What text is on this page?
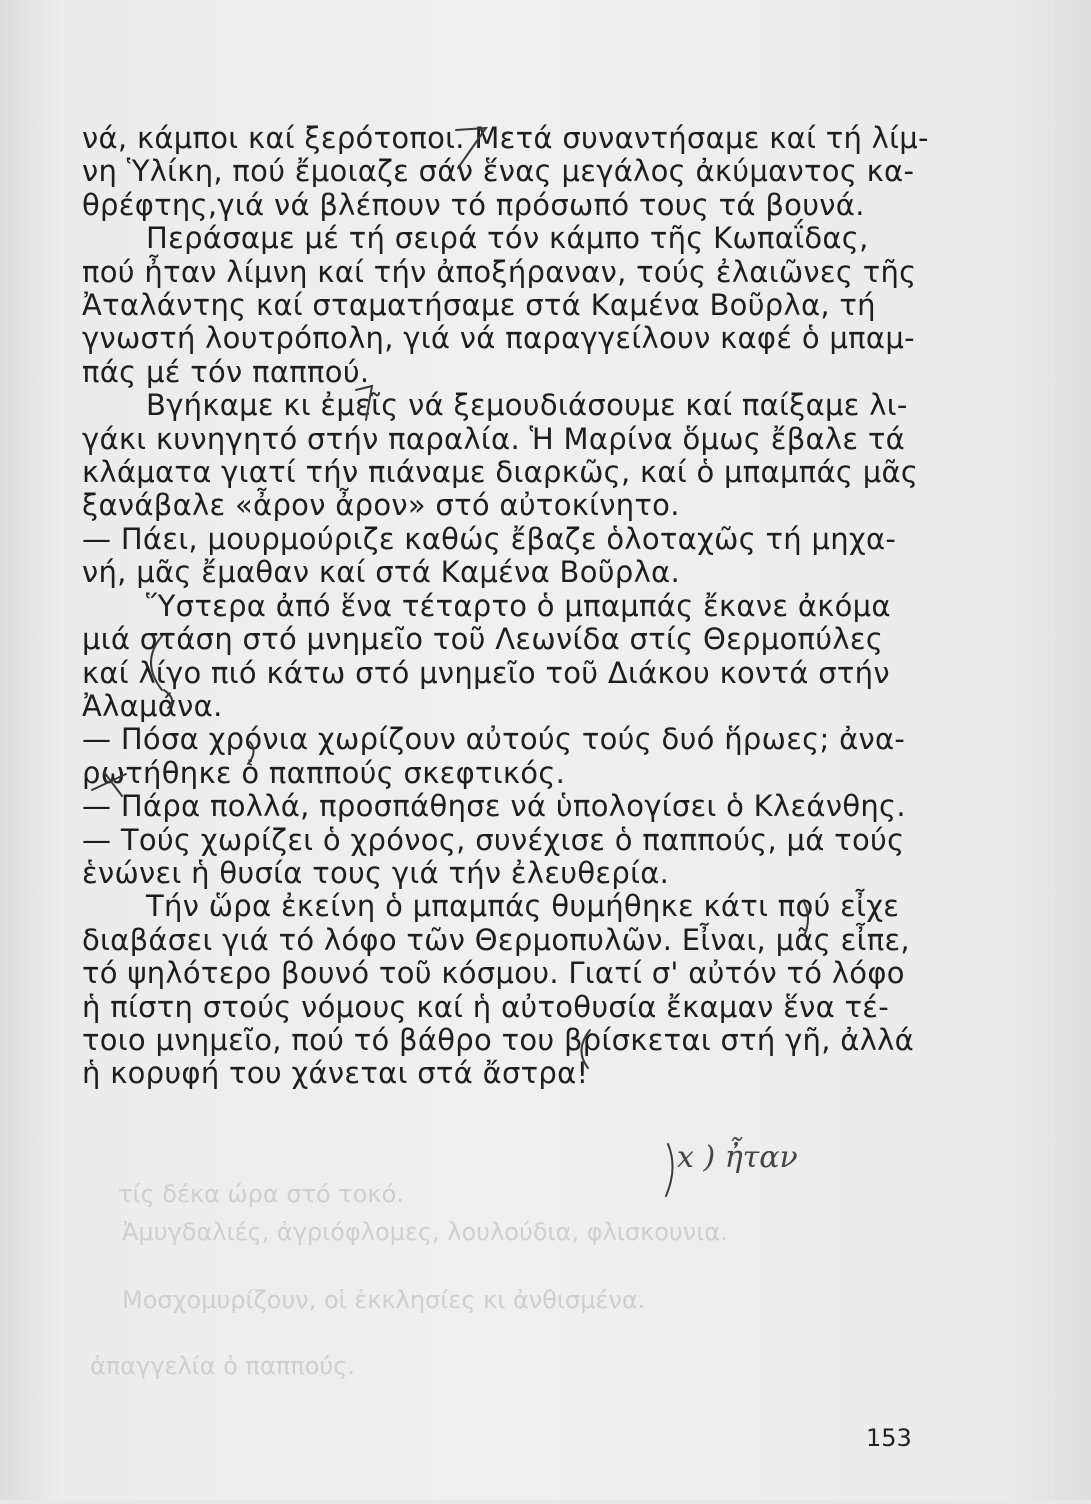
νά, κάμποι καί ξερότοποι. Μετά συναντήσαμε καί τή λίμ-
νη Ὑλίκη, πού ἔμοιαζε σάν ἕνας μεγάλος ἀκύμαντος κα-
θρέφτης,γιά νά βλέπουν τό πρόσωπό τους τά βουνά.
Περάσαμε μέ τή σειρά τόν κάμπο τῆς Κωπαΐδας,
πού ἦταν λίμνη καί τήν ἀποξήραναν, τούς ἐλαιῶνες τῆς
Ἀταλάντης καί σταματήσαμε στά Καμένα Βοῦρλα, τή
γνωστή λουτρόπολη, γιά νά παραγγείλουν καφέ ὁ μπαμ-
πάς μέ τόν παππού.
Βγήκαμε κι ἐμεῖς νά ξεμουδιάσουμε καί παίξαμε λι-
γάκι κυνηγητό στήν παραλία. Ἡ Μαρίνα ὅμως ἔβαλε τά
κλάματα γιατί τήν πιάναμε διαρκῶς, καί ὁ μπαμπάς μᾶς
ξανάβαλε «ἆρον ἆρον» στό αὐτοκίνητο.
— Πάει, μουρμούριζε καθώς ἔβαζε ὁλοταχῶς τή μηχα-
νή, μᾶς ἔμαθαν καί στά Καμένα Βοῦρλα.
Ὕστερα ἀπό ἕνα τέταρτο ὁ μπαμπάς ἔκανε ἀκόμα
μιά στάση στό μνημεῖο τοῦ Λεωνίδα στίς Θερμοπύλες
καί λίγο πιό κάτω στό μνημεῖο τοῦ Διάκου κοντά στήν
Ἀλαμάνα.
— Πόσα χρόνια χωρίζουν αὐτούς τούς δυό ἥρωες; ἀνα-
ρωτήθηκε ὁ παππούς σκεφτικός.
— Πάρα πολλά, προσπάθησε νά ὑπολογίσει ὁ Κλεάνθης.
— Τούς χωρίζει ὁ χρόνος, συνέχισε ὁ παππούς, μά τούς
ἑνώνει ἡ θυσία τους γιά τήν ἐλευθερία.
Τήν ὥρα ἐκείνη ὁ μπαμπάς θυμήθηκε κάτι πού εἶχε
διαβάσει γιά τό λόφο τῶν Θερμοπυλῶν. Εἶναι, μᾶς εἶπε,
τό ψηλότερο βουνό τοῦ κόσμου. Γιατί σ' αὐτόν τό λόφο
ἡ πίστη στούς νόμους καί ἡ αὐτοθυσία ἔκαμαν ἕνα τέ-
τοιο μνημεῖο, πού τό βάθρο του βρίσκεται στή γῆ, ἀλλά
ἡ κορυφή του χάνεται στά ἄστρα!
x ) ἦταν
τίς δέκα ώρα στό τοκό.
Ἀμυγδαλιές, ἀγριόφλομες, λουλούδια, φλισκουνια.
Μοσχομυρίζουν, οἱ ἐκκλησίες κι ἀνθισμένα.
ἀπαγγελία ὁ παππούς.
153
